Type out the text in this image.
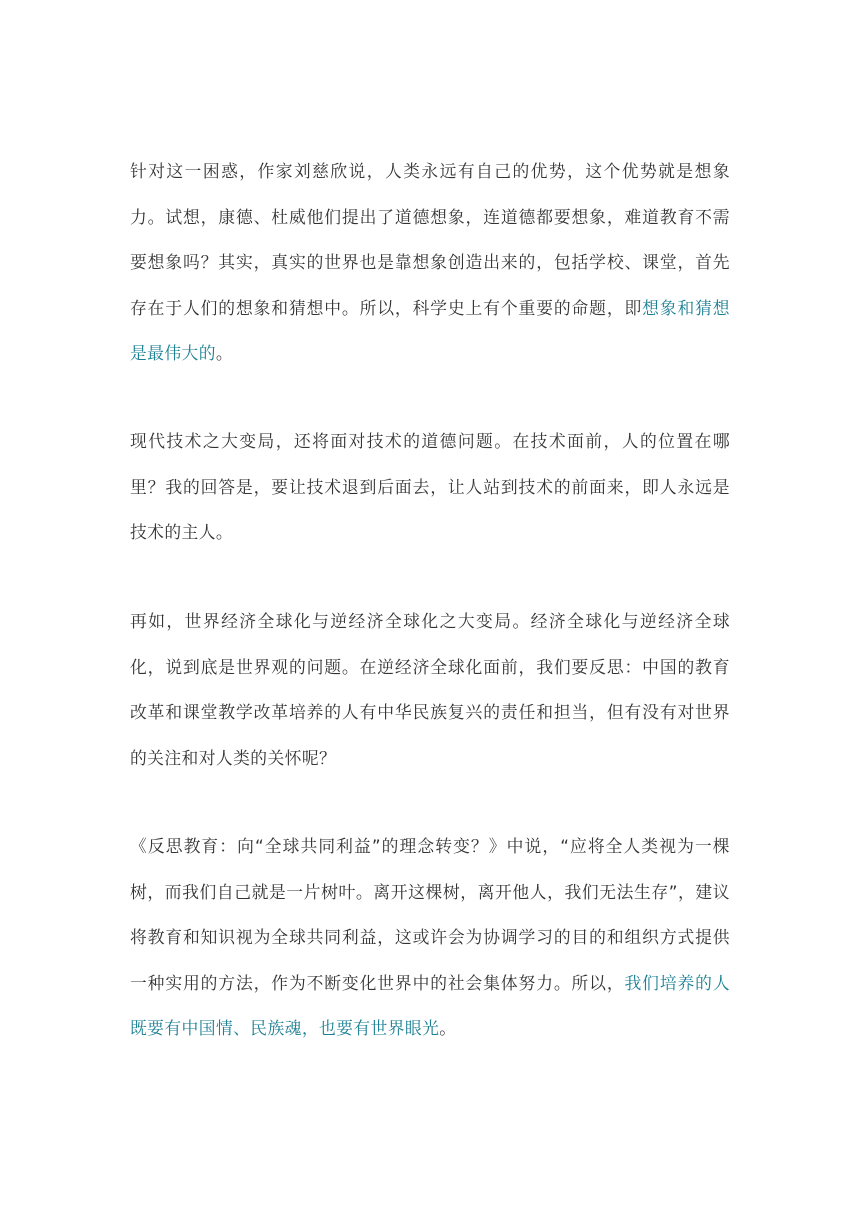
针对这一困惑，作家刘慈欣说，人类永远有自己的优势，这个优势就是想象力。试想，康德、杜威他们提出了道德想象，连道德都要想象，难道教育不需要想象吗？其实，真实的世界也是靠想象创造出来的，包括学校、课堂，首先存在于人们的想象和猜想中。所以，科学史上有个重要的命题，即想象和猜想是最伟大的。

现代技术之大变局，还将面对技术的道德问题。在技术面前，人的位置在哪里？我的回答是，要让技术退到后面去，让人站到技术的前面来，即人永远是技术的主人。

再如，世界经济全球化与逆经济全球化之大变局。经济全球化与逆经济全球化，说到底是世界观的问题。在逆经济全球化面前，我们要反思：中国的教育改革和课堂教学改革培养的人有中华民族复兴的责任和担当，但有没有对世界的关注和对人类的关怀呢？

《反思教育：向“全球共同利益”的理念转变？》中说，“应将全人类视为一棵树，而我们自己就是一片树叶。离开这棵树，离开他人，我们无法生存”，建议将教育和知识视为全球共同利益，这或许会为协调学习的目的和组织方式提供一种实用的方法，作为不断变化世界中的社会集体努力。所以，我们培养的人既要有中国情、民族魂，也要有世界眼光。
